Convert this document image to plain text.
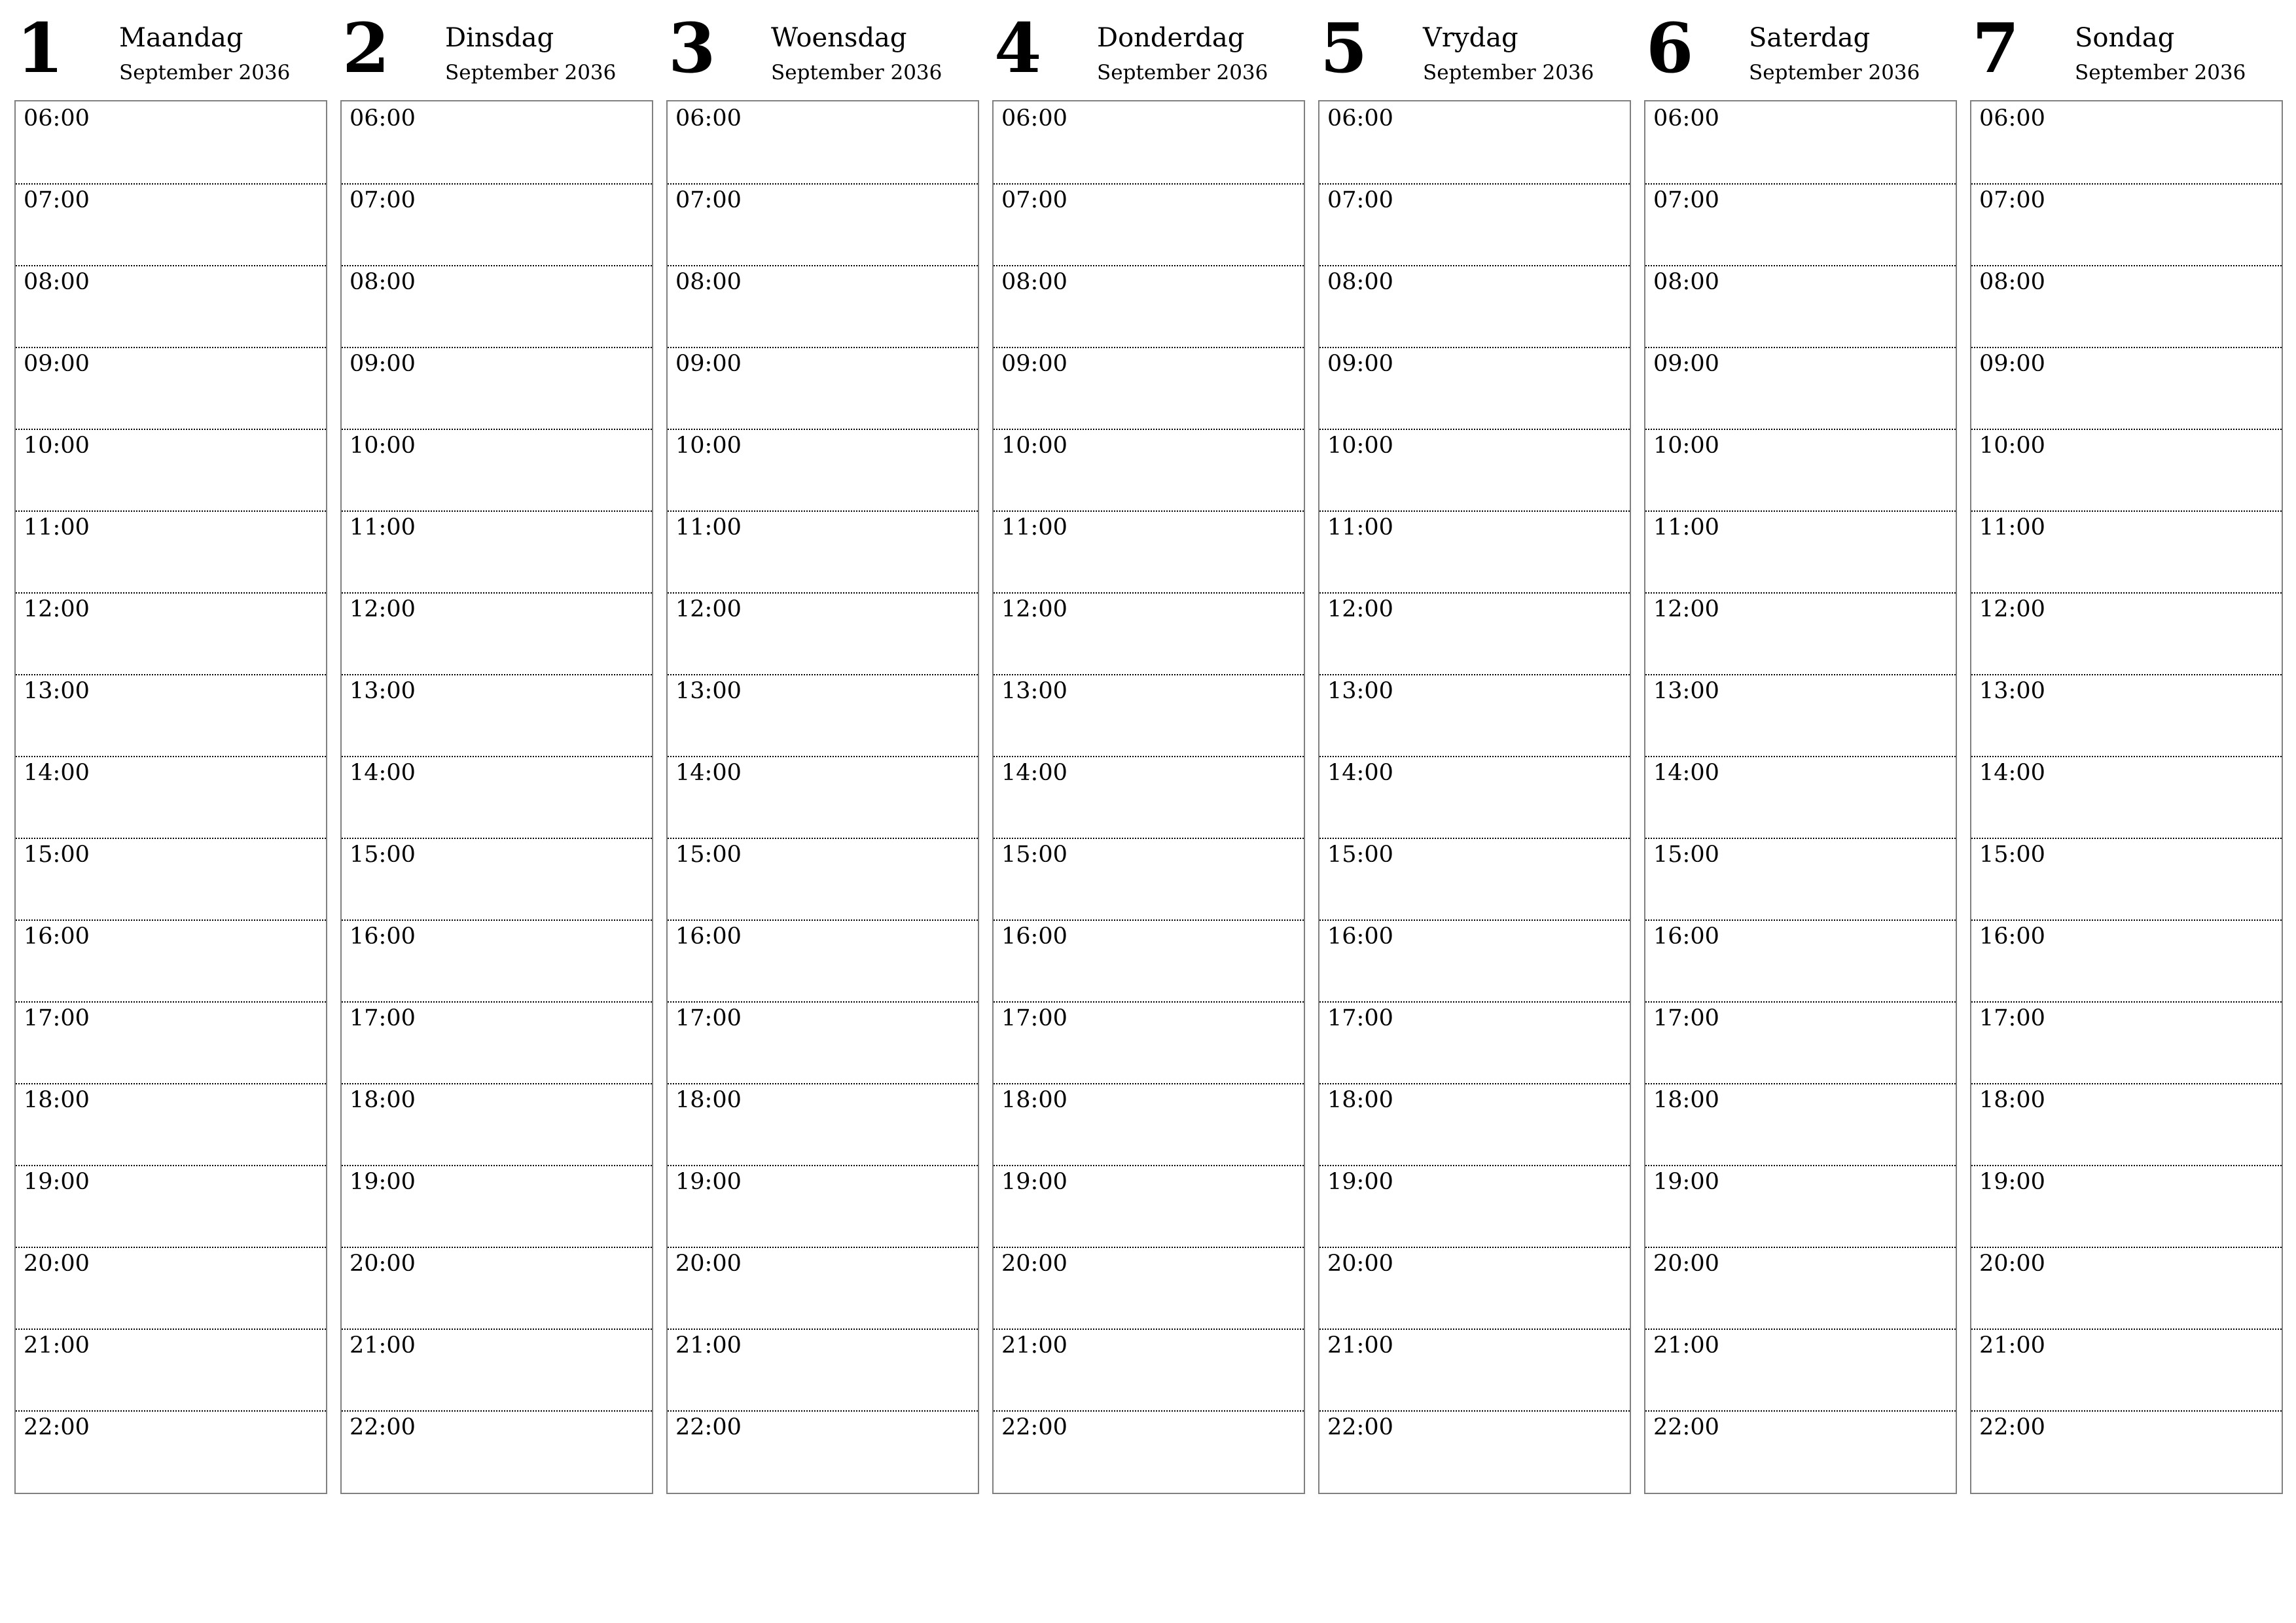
1 Maandag
September 2036
06:00
07:00
08:00
09:00
10:00
11:00
12:00
13:00
14:00
15:00
16:00
17:00
18:00
19:00
20:00
21:00
22:00
2 Dinsdag
September 2036
06:00
07:00
08:00
09:00
10:00
11:00
12:00
13:00
14:00
15:00
16:00
17:00
18:00
19:00
20:00
21:00
22:00
3 Woensdag
September 2036
06:00
07:00
08:00
09:00
10:00
11:00
12:00
13:00
14:00
15:00
16:00
17:00
18:00
19:00
20:00
21:00
22:00
4 Donderdag
September 2036
06:00
07:00
08:00
09:00
10:00
11:00
12:00
13:00
14:00
15:00
16:00
17:00
18:00
19:00
20:00
21:00
22:00
5 Vrydag
September 2036
06:00
07:00
08:00
09:00
10:00
11:00
12:00
13:00
14:00
15:00
16:00
17:00
18:00
19:00
20:00
21:00
22:00
6 Saterdag
September 2036
06:00
07:00
08:00
09:00
10:00
11:00
12:00
13:00
14:00
15:00
16:00
17:00
18:00
19:00
20:00
21:00
22:00
7 Sondag
September 2036
06:00
07:00
08:00
09:00
10:00
11:00
12:00
13:00
14:00
15:00
16:00
17:00
18:00
19:00
20:00
21:00
22:00
